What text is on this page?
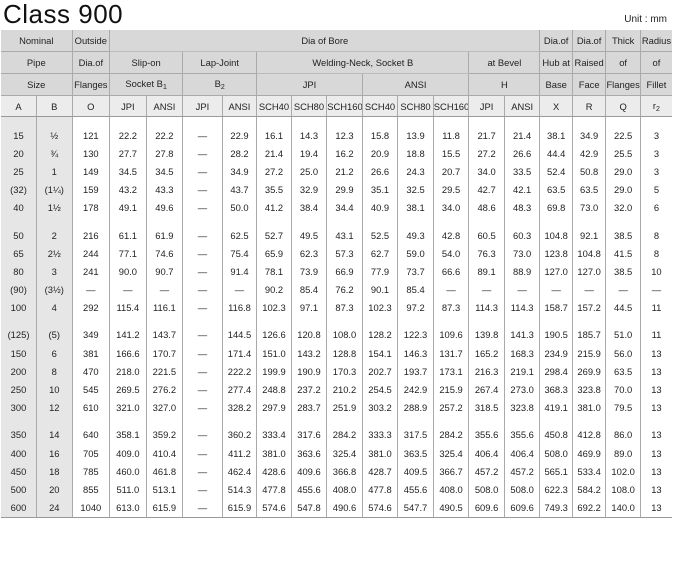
Class 900	Unit : mm
Nominal		Outside	Dia of Bore												Dia.of	Dia.of	Thick	Radius
Pipe		Dia.of	Slip-on		Lap-Joint		Welding-Neck, Socket B						at Bevel		Hub at	Raised	of	of
Size		Flanges	Socket $B_1$		$B_2$		JPI			ANSI			H		Base	Face	Flanges	Fillet
A	B	O	JPI	ANSI	JPI	ANSI	SCH40	SCH80	SCH160	SCH40	SCH80	SCH160	JPI	ANSI	X	R	Q	$r_2$

15	½	121	22.2	22.2	—	22.9	16.1	14.3	12.3	15.8	13.9	11.8	21.7	21.4	38.1	34.9	22.5	3
20	¾	130	27.7	27.8	—	28.2	21.4	19.4	16.2	20.9	18.8	15.5	27.2	26.6	44.4	42.9	25.5	3
25	1	149	34.5	34.5	—	34.9	27.2	25.0	21.2	26.6	24.3	20.7	34.0	33.5	52.4	50.8	29.0	3
(32)	(1¼)	159	43.2	43.3	—	43.7	35.5	32.9	29.9	35.1	32.5	29.5	42.7	42.1	63.5	63.5	29.0	5
40	1½	178	49.1	49.6	—	50.0	41.2	38.4	34.4	40.9	38.1	34.0	48.6	48.3	69.8	73.0	32.0	6

50	2	216	61.1	61.9	—	62.5	52.7	49.5	43.1	52.5	49.3	42.8	60.5	60.3	104.8	92.1	38.5	8
65	2½	244	77.1	74.6	—	75.4	65.9	62.3	57.3	62.7	59.0	54.0	76.3	73.0	123.8	104.8	41.5	8
80	3	241	90.0	90.7	—	91.4	78.1	73.9	66.9	77.9	73.7	66.6	89.1	88.9	127.0	127.0	38.5	10
(90)	(3½)	—	—	—	—	—	90.2	85.4	76.2	90.1	85.4	—	—	—	—	—	—	—
100	4	292	115.4	116.1	—	116.8	102.3	97.1	87.3	102.3	97.2	87.3	114.3	114.3	158.7	157.2	44.5	11

(125)	(5)	349	141.2	143.7	—	144.5	126.6	120.8	108.0	128.2	122.3	109.6	139.8	141.3	190.5	185.7	51.0	11
150	6	381	166.6	170.7	—	171.4	151.0	143.2	128.8	154.1	146.3	131.7	165.2	168.3	234.9	215.9	56.0	13
200	8	470	218.0	221.5	—	222.2	199.9	190.9	170.3	202.7	193.7	173.1	216.3	219.1	298.4	269.9	63.5	13
250	10	545	269.5	276.2	—	277.4	248.8	237.2	210.2	254.5	242.9	215.9	267.4	273.0	368.3	323.8	70.0	13
300	12	610	321.0	327.0	—	328.2	297.9	283.7	251.9	303.2	288.9	257.2	318.5	323.8	419.1	381.0	79.5	13

350	14	640	358.1	359.2	—	360.2	333.4	317.6	284.2	333.3	317.5	284.2	355.6	355.6	450.8	412.8	86.0	13
400	16	705	409.0	410.4	—	411.2	381.0	363.6	325.4	381.0	363.5	325.4	406.4	406.4	508.0	469.9	89.0	13
450	18	785	460.0	461.8	—	462.4	428.6	409.6	366.8	428.7	409.5	366.7	457.2	457.2	565.1	533.4	102.0	13
500	20	855	511.0	513.1	—	514.3	477.8	455.6	408.0	477.8	455.6	408.0	508.0	508.0	622.3	584.2	108.0	13
600	24	1040	613.0	615.9	—	615.9	574.6	547.8	490.6	574.6	547.7	490.5	609.6	609.6	749.3	692.2	140.0	13
